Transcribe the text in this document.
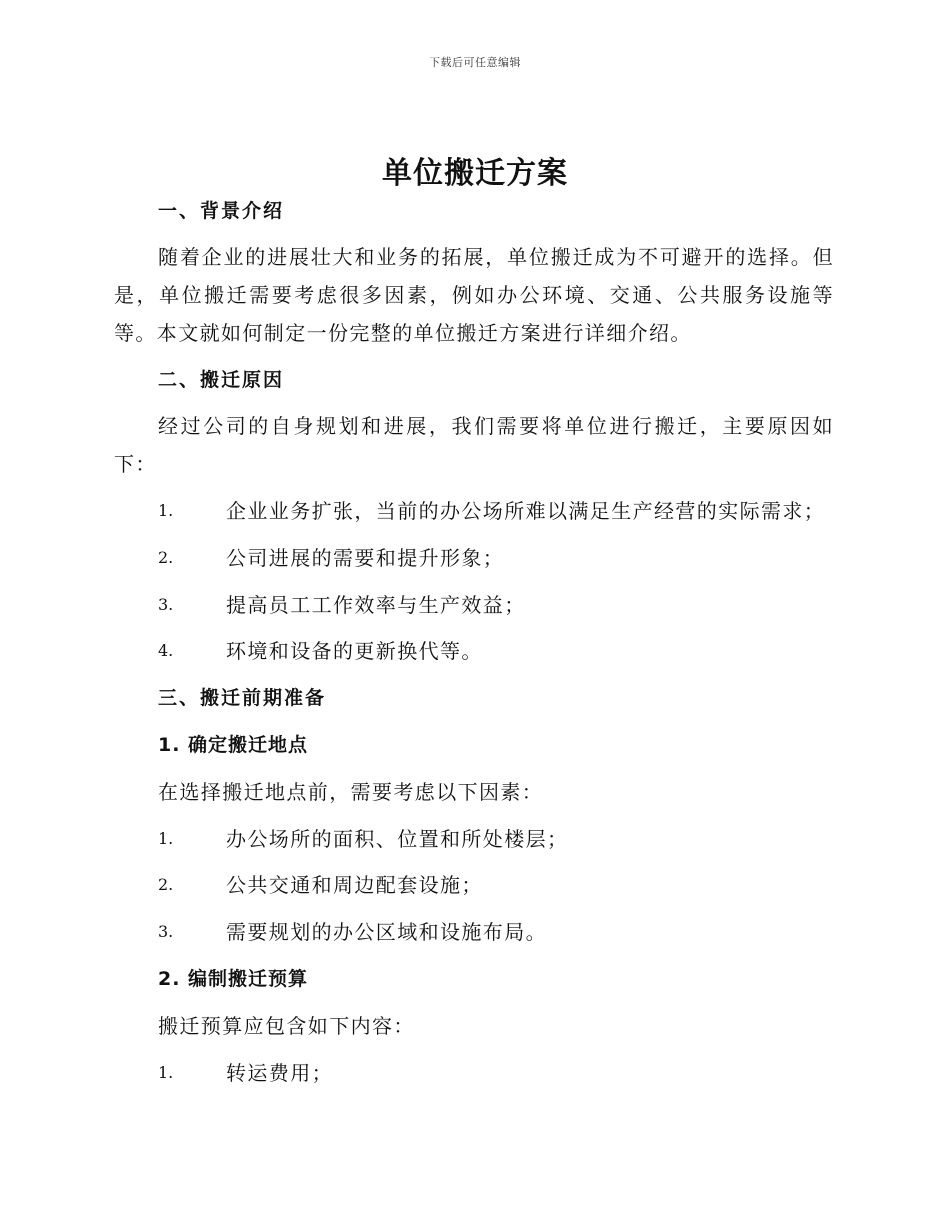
下载后可任意编辑
单位搬迁方案
一、背景介绍
随着企业的进展壮大和业务的拓展，单位搬迁成为不可避开的选择。但是，单位搬迁需要考虑很多因素，例如办公环境、交通、公共服务设施等等。本文就如何制定一份完整的单位搬迁方案进行详细介绍。
二、搬迁原因
经过公司的自身规划和进展，我们需要将单位进行搬迁，主要原因如下：
1.	企业业务扩张，当前的办公场所难以满足生产经营的实际需求；
2.	公司进展的需要和提升形象；
3.	提高员工工作效率与生产效益；
4.	环境和设备的更新换代等。
三、搬迁前期准备
1. 确定搬迁地点
在选择搬迁地点前，需要考虑以下因素：
1.	办公场所的面积、位置和所处楼层；
2.	公共交通和周边配套设施；
3.	需要规划的办公区域和设施布局。
2. 编制搬迁预算
搬迁预算应包含如下内容：
1.	转运费用；
